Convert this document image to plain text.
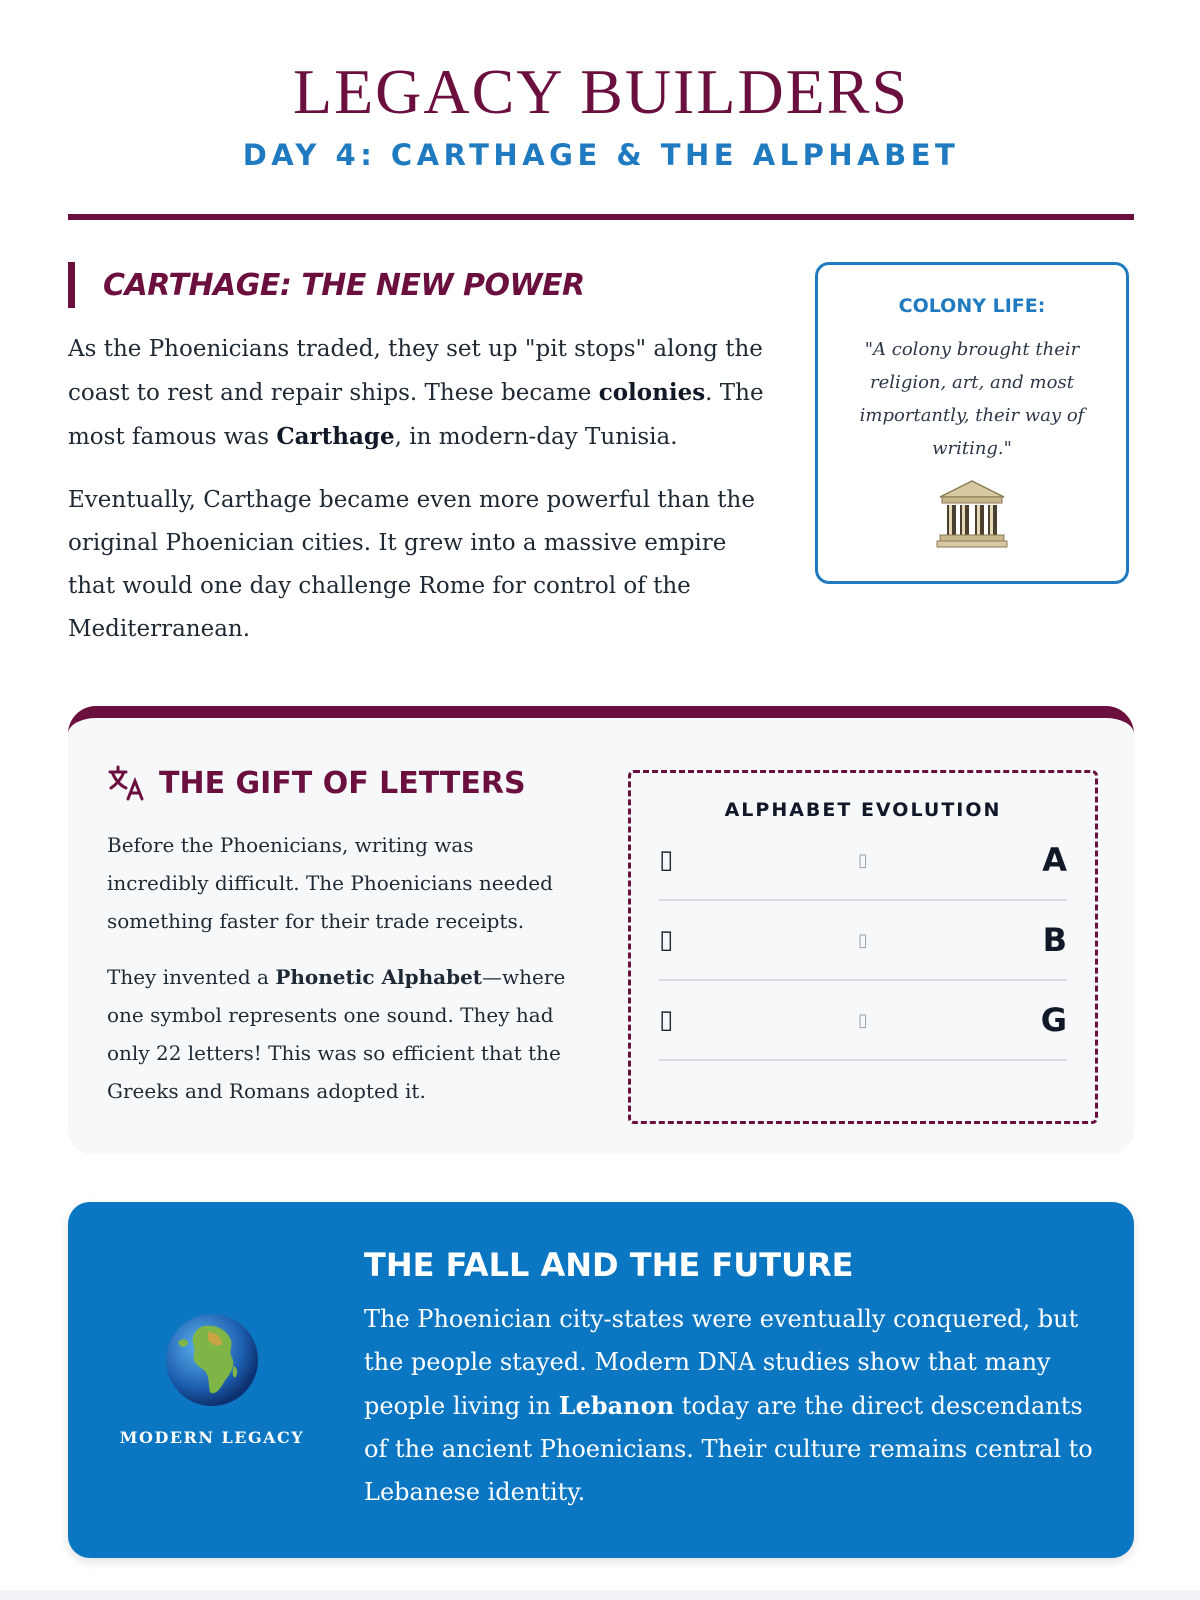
LEGACY BUILDERS
DAY 4: CARTHAGE & THE ALPHABET
CARTHAGE: THE NEW POWER

As the Phoenicians traded, they set up "pit stops" along the coast to rest and repair ships. These became colonies. The most famous was Carthage, in modern-day Tunisia.

Eventually, Carthage became even more powerful than the original Phoenician cities. It grew into a massive empire that would one day challenge Rome for control of the Mediterranean.

COLONY LIFE:
"A colony brought their religion, art, and most importantly, their way of writing."
THE GIFT OF LETTERS

Before the Phoenicians, writing was incredibly difficult. The Phoenicians needed something faster for their trade receipts.

They invented a Phonetic Alphabet—where one symbol represents one sound. They had only 22 letters! This was so efficient that the Greeks and Romans adopted it.

ALPHABET EVOLUTION
▯	▯	A
▯	▯	B
▯	▯	G
MODERN LEGACY
THE FALL AND THE FUTURE
The Phoenician city-states were eventually conquered, but the people stayed. Modern DNA studies show that many people living in Lebanon today are the direct descendants of the ancient Phoenicians. Their culture remains central to Lebanese identity.
